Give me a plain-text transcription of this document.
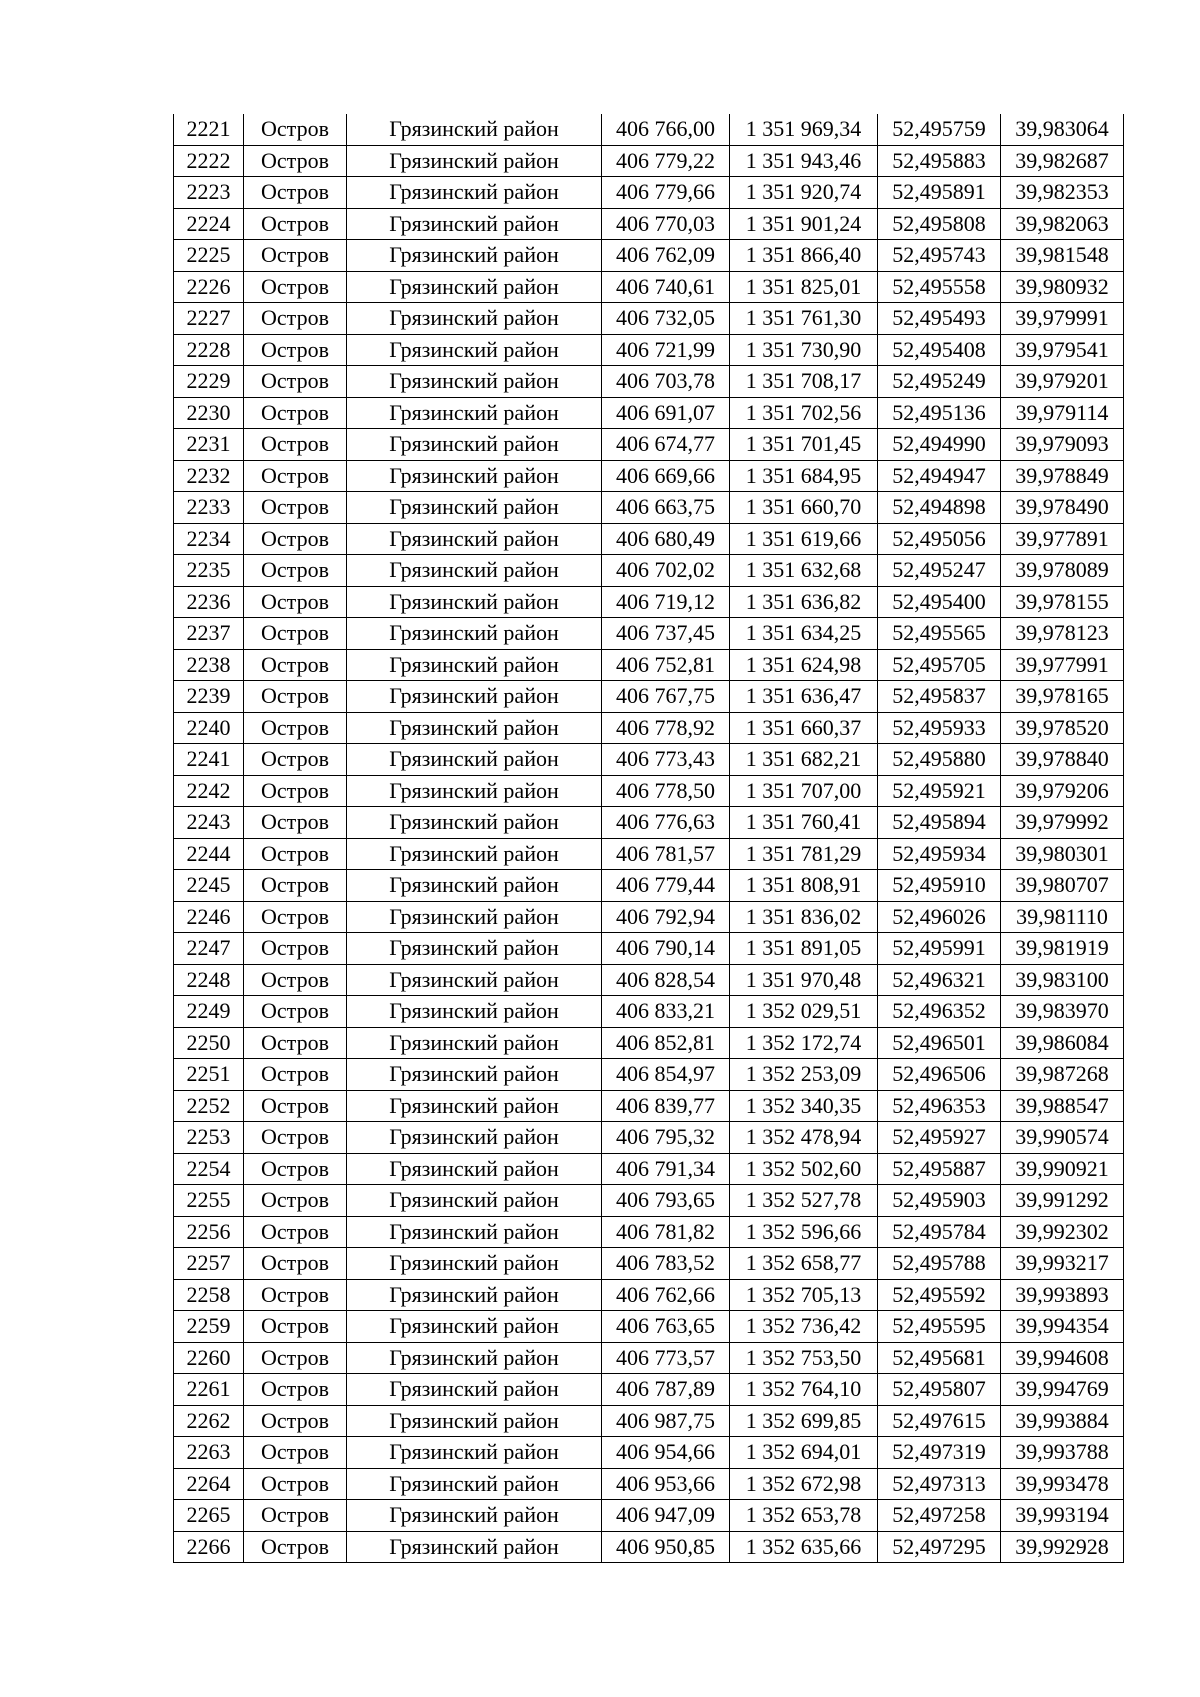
2221	Остров	Грязинский район	406 766,00	1 351 969,34	52,495759	39,983064
2222	Остров	Грязинский район	406 779,22	1 351 943,46	52,495883	39,982687
2223	Остров	Грязинский район	406 779,66	1 351 920,74	52,495891	39,982353
2224	Остров	Грязинский район	406 770,03	1 351 901,24	52,495808	39,982063
2225	Остров	Грязинский район	406 762,09	1 351 866,40	52,495743	39,981548
2226	Остров	Грязинский район	406 740,61	1 351 825,01	52,495558	39,980932
2227	Остров	Грязинский район	406 732,05	1 351 761,30	52,495493	39,979991
2228	Остров	Грязинский район	406 721,99	1 351 730,90	52,495408	39,979541
2229	Остров	Грязинский район	406 703,78	1 351 708,17	52,495249	39,979201
2230	Остров	Грязинский район	406 691,07	1 351 702,56	52,495136	39,979114
2231	Остров	Грязинский район	406 674,77	1 351 701,45	52,494990	39,979093
2232	Остров	Грязинский район	406 669,66	1 351 684,95	52,494947	39,978849
2233	Остров	Грязинский район	406 663,75	1 351 660,70	52,494898	39,978490
2234	Остров	Грязинский район	406 680,49	1 351 619,66	52,495056	39,977891
2235	Остров	Грязинский район	406 702,02	1 351 632,68	52,495247	39,978089
2236	Остров	Грязинский район	406 719,12	1 351 636,82	52,495400	39,978155
2237	Остров	Грязинский район	406 737,45	1 351 634,25	52,495565	39,978123
2238	Остров	Грязинский район	406 752,81	1 351 624,98	52,495705	39,977991
2239	Остров	Грязинский район	406 767,75	1 351 636,47	52,495837	39,978165
2240	Остров	Грязинский район	406 778,92	1 351 660,37	52,495933	39,978520
2241	Остров	Грязинский район	406 773,43	1 351 682,21	52,495880	39,978840
2242	Остров	Грязинский район	406 778,50	1 351 707,00	52,495921	39,979206
2243	Остров	Грязинский район	406 776,63	1 351 760,41	52,495894	39,979992
2244	Остров	Грязинский район	406 781,57	1 351 781,29	52,495934	39,980301
2245	Остров	Грязинский район	406 779,44	1 351 808,91	52,495910	39,980707
2246	Остров	Грязинский район	406 792,94	1 351 836,02	52,496026	39,981110
2247	Остров	Грязинский район	406 790,14	1 351 891,05	52,495991	39,981919
2248	Остров	Грязинский район	406 828,54	1 351 970,48	52,496321	39,983100
2249	Остров	Грязинский район	406 833,21	1 352 029,51	52,496352	39,983970
2250	Остров	Грязинский район	406 852,81	1 352 172,74	52,496501	39,986084
2251	Остров	Грязинский район	406 854,97	1 352 253,09	52,496506	39,987268
2252	Остров	Грязинский район	406 839,77	1 352 340,35	52,496353	39,988547
2253	Остров	Грязинский район	406 795,32	1 352 478,94	52,495927	39,990574
2254	Остров	Грязинский район	406 791,34	1 352 502,60	52,495887	39,990921
2255	Остров	Грязинский район	406 793,65	1 352 527,78	52,495903	39,991292
2256	Остров	Грязинский район	406 781,82	1 352 596,66	52,495784	39,992302
2257	Остров	Грязинский район	406 783,52	1 352 658,77	52,495788	39,993217
2258	Остров	Грязинский район	406 762,66	1 352 705,13	52,495592	39,993893
2259	Остров	Грязинский район	406 763,65	1 352 736,42	52,495595	39,994354
2260	Остров	Грязинский район	406 773,57	1 352 753,50	52,495681	39,994608
2261	Остров	Грязинский район	406 787,89	1 352 764,10	52,495807	39,994769
2262	Остров	Грязинский район	406 987,75	1 352 699,85	52,497615	39,993884
2263	Остров	Грязинский район	406 954,66	1 352 694,01	52,497319	39,993788
2264	Остров	Грязинский район	406 953,66	1 352 672,98	52,497313	39,993478
2265	Остров	Грязинский район	406 947,09	1 352 653,78	52,497258	39,993194
2266	Остров	Грязинский район	406 950,85	1 352 635,66	52,497295	39,992928
